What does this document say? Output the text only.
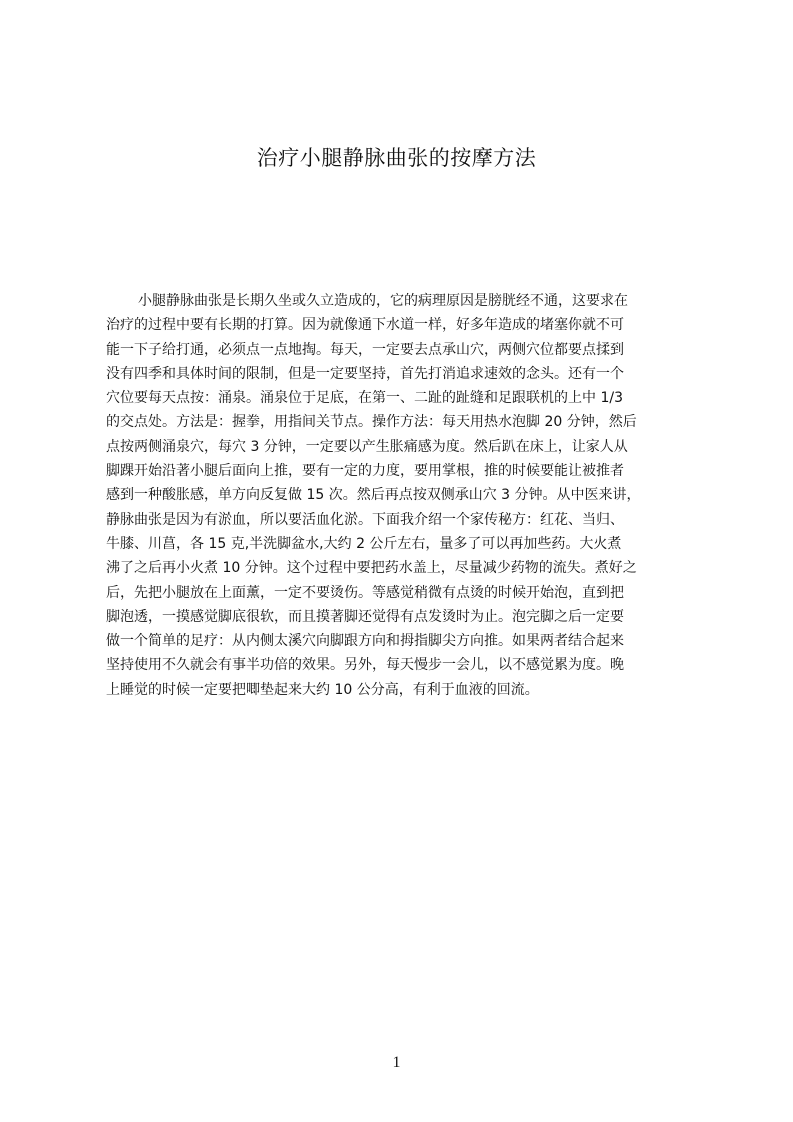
治疗小腿静脉曲张的按摩方法
小腿静脉曲张是长期久坐或久立造成的，它的病理原因是膀胱经不通，这要求在
治疗的过程中要有长期的打算。因为就像通下水道一样，好多年造成的堵塞你就不可
能一下子给打通，必须点一点地掏。每天，一定要去点承山穴，两侧穴位都要点揉到
没有四季和具体时间的限制，但是一定要坚持，首先打消追求速效的念头。还有一个
穴位要每天点按：涌泉。涌泉位于足底，在第一、二趾的趾缝和足跟联机的上中 1/3
的交点处。方法是：握拳，用指间关节点。操作方法：每天用热水泡脚 20 分钟，然后
点按两侧涌泉穴，每穴 3 分钟，一定要以产生胀痛感为度。然后趴在床上，让家人从
脚踝开始沿著小腿后面向上推，要有一定的力度，要用掌根，推的时候要能让被推者
感到一种酸胀感，单方向反复做 15 次。然后再点按双侧承山穴 3 分钟。从中医来讲，
静脉曲张是因为有淤血，所以要活血化淤。下面我介绍一个家传秘方：红花、当归、
牛膝、川菖，各 15 克,半洗脚盆水,大约 2 公斤左右，量多了可以再加些药。大火煮
沸了之后再小火煮 10 分钟。这个过程中要把药水盖上，尽量减少药物的流失。煮好之
后，先把小腿放在上面薰，一定不要烫伤。等感觉稍微有点烫的时候开始泡，直到把
脚泡透，一摸感觉脚底很软，而且摸著脚还觉得有点发烫时为止。泡完脚之后一定要
做一个简单的足疗：从内侧太溪穴向脚跟方向和拇指脚尖方向推。如果两者结合起来
坚持使用不久就会有事半功倍的效果。另外，每天慢步一会儿，以不感觉累为度。晚
上睡觉的时候一定要把唧垫起来大约 10 公分高，有利于血液的回流。
1
